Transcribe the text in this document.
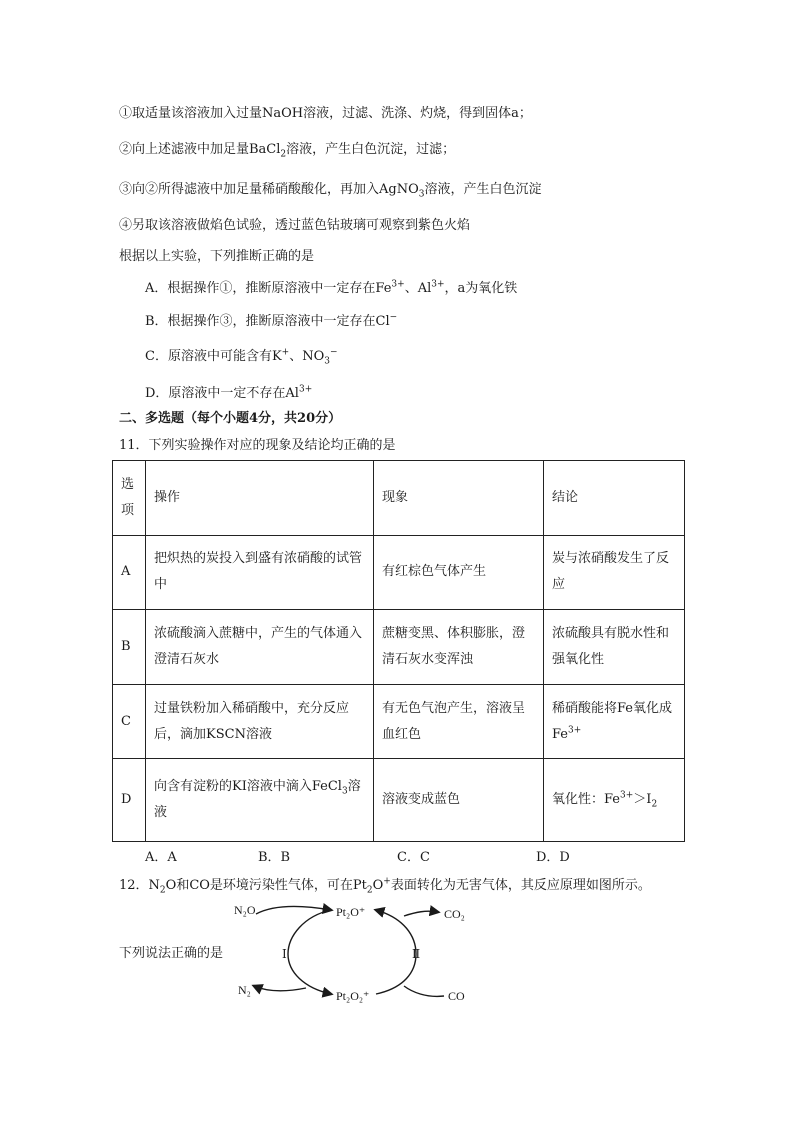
①取适量该溶液加入过量NaOH溶液，过滤、洗涤、灼烧，得到固体a；
②向上述滤液中加足量BaCl$_2$溶液，产生白色沉淀，过滤；
③向②所得滤液中加足量稀硝酸酸化，再加入AgNO$_3$溶液，产生白色沉淀
④另取该溶液做焰色试验，透过蓝色钴玻璃可观察到紫色火焰
根据以上实验，下列推断正确的是
A．根据操作①，推断原溶液中一定存在$Fe^{3+}$、$Al^{3+}$，a为氧化铁
B．根据操作③，推断原溶液中一定存在Cl−
C．原溶液中可能含有K+、$NO_3^-$
D．原溶液中一定不存在$Al^{3+}$
二、多选题（每个小题4分，共20分）
11．下列实验操作对应的现象及结论均正确的是
选项	操作	现象	结论
A	把炽热的炭投入到盛有浓硝酸的试管中	有红棕色气体产生	炭与浓硝酸发生了反应
B	浓硫酸滴入蔗糖中，产生的气体通入澄清石灰水	蔗糖变黑、体积膨胀，澄清石灰水变浑浊	浓硫酸具有脱水性和强氧化性
C	过量铁粉加入稀硝酸中，充分反应后，滴加KSCN溶液	有无色气泡产生，溶液呈血红色	稀硝酸能将Fe氧化成$Fe^{3+}$
D	向含有淀粉的KI溶液中滴入FeCl$_3$溶液	溶液变成蓝色	氧化性：$Fe^{3+}>I_2$
A．A	B．B	C．C	D．D
12．$N_2O$和CO是环境污染性气体，可在$Pt_2O^+$表面转化为无害气体，其反应原理如图所示。
下列说法正确的是
N₂O
N₂
Pt₂O⁺
Pt₂O₂⁺
CO₂
CO
Ⅰ	Ⅱ
